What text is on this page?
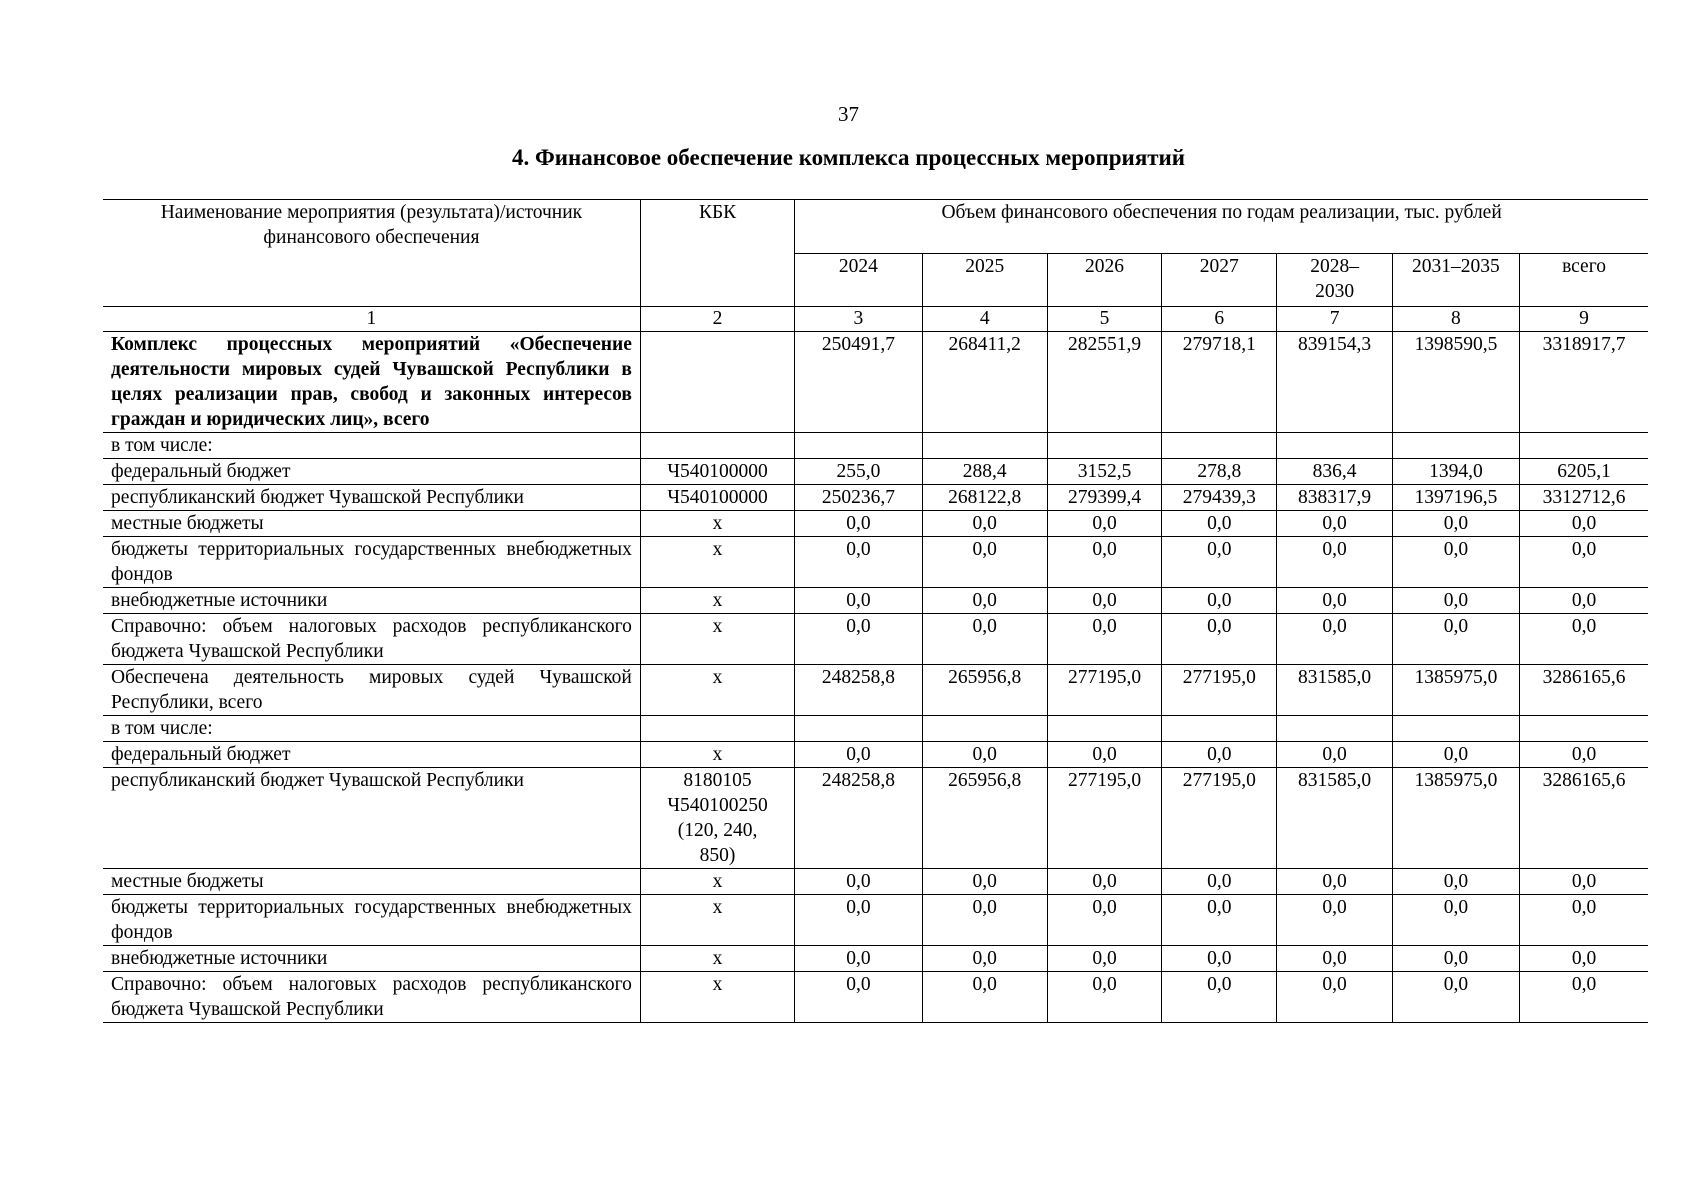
37
4. Финансовое обеспечение комплекса процессных мероприятий
Наименование мероприятия (результата)/источник финансового обеспечения	КБК	Объем финансового обеспечения по годам реализации, тыс. рублей						
		2024	2025	2026	2027	2028–2030	2031–2035	всего
1	2	3	4	5	6	7	8	9
Комплекс процессных мероприятий «Обеспечение деятельности мировых судей Чувашской Республики в целях реализации прав, свобод и законных интересов граждан и юридических лиц», всего		250491,7	268411,2	282551,9	279718,1	839154,3	1398590,5	3318917,7
в том числе:								
федеральный бюджет	Ч540100000	255,0	288,4	3152,5	278,8	836,4	1394,0	6205,1
республиканский бюджет Чувашской Республики	Ч540100000	250236,7	268122,8	279399,4	279439,3	838317,9	1397196,5	3312712,6
местные бюджеты	x	0,0	0,0	0,0	0,0	0,0	0,0	0,0
бюджеты территориальных государственных внебюджетных фондов	x	0,0	0,0	0,0	0,0	0,0	0,0	0,0
внебюджетные источники	x	0,0	0,0	0,0	0,0	0,0	0,0	0,0
Справочно: объем налоговых расходов республиканского бюджета Чувашской Республики	x	0,0	0,0	0,0	0,0	0,0	0,0	0,0
Обеспечена деятельность мировых судей Чувашской Республики, всего	x	248258,8	265956,8	277195,0	277195,0	831585,0	1385975,0	3286165,6
в том числе:								
федеральный бюджет	x	0,0	0,0	0,0	0,0	0,0	0,0	0,0
республиканский бюджет Чувашской Республики	8180105 Ч540100250 (120, 240, 850)	248258,8	265956,8	277195,0	277195,0	831585,0	1385975,0	3286165,6
местные бюджеты	x	0,0	0,0	0,0	0,0	0,0	0,0	0,0
бюджеты территориальных государственных внебюджетных фондов	x	0,0	0,0	0,0	0,0	0,0	0,0	0,0
внебюджетные источники	x	0,0	0,0	0,0	0,0	0,0	0,0	0,0
Справочно: объем налоговых расходов республиканского бюджета Чувашской Республики	x	0,0	0,0	0,0	0,0	0,0	0,0	0,0
